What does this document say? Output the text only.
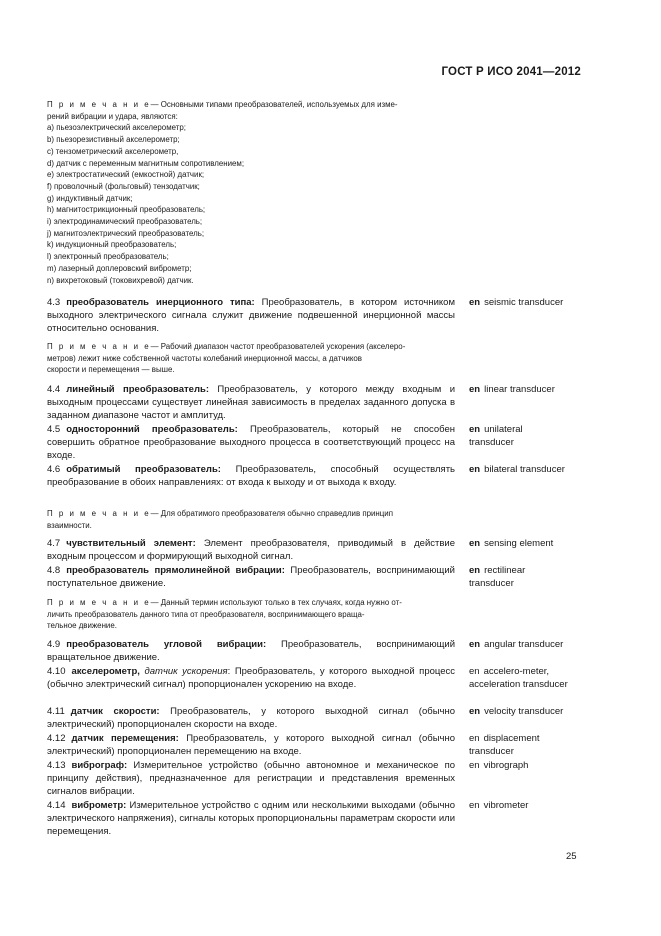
ГОСТ Р ИСО 2041—2012
П р и м е ч а н и е— Основными типами преобразователей, используемых для изме-
рений вибрации и удара, являются:
a) пьезоэлектрический акселерометр;
b) пьезорезистивный акселерометр;
c) тензометрический акселерометр,
d) датчик с переменным магнитным сопротивлением;
e) электростатический (емкостной) датчик;
f) проволочный (фольговый) тензодатчик;
g) индуктивный датчик;
h) магнитострикционный преобразователь;
i) электродинамический преобразователь;
j) магнитоэлектрический преобразователь;
k) индукционный преобразователь;
l) электронный преобразователь;
m) лазерный доплеровский виброметр;
n) вихретоковый (токовихревой) датчик.
4.3 преобразователь инерционного типа: Преобразователь, в котором источником выходного электрического сигнала служит движение подвешенной инерционной массы относительно основания.
en seismic transducer
П р и м е ч а н и е— Рабочий диапазон частот преобразователей ускорения (акселеро-
метров) лежит ниже собственной частоты колебаний инерционной массы, а датчиков
скорости и перемещения — выше.
4.4 линейный преобразователь: Преобразователь, у которого между входным и выходным процессами существует линейная зависимость в пределах заданного допуска в заданном диапазоне частот и амплитуд.
en linear transducer
4.5 односторонний преобразователь: Преобразователь, который не способен совершить обратное преобразование выходного процесса в соответствующий процесс на входе.
en unilateral transducer
4.6 обратимый преобразователь: Преобразователь, способный осуществлять преобразование в обоих направлениях: от входа к выходу и от выхода к входу.
en bilateral transducer
П р и м е ч а н и е— Для обратимого преобразователя обычно справедлив принцип
взаимности.
4.7 чувствительный элемент: Элемент преобразователя, приводимый в действие входным процессом и формирующий выходной сигнал.
en sensing element
4.8 преобразователь прямолинейной вибрации: Преобразователь, воспринимающий поступательное движение.
en rectilinear transducer
П р и м е ч а н и е— Данный термин используют только в тех случаях, когда нужно от-
личить преобразователь данного типа от преобразователя, воспринимающего враща-
тельное движение.
4.9 преобразователь угловой вибрации: Преобразователь, воспринимающий вращательное движение.
en angular transducer
4.10 акселерометр, датчик ускорения: Преобразователь, у которого выходной процесс (обычно электрический сигнал) пропорционален ускорению на входе.
en accelero-meter, acceleration transducer
4.11 датчик скорости: Преобразователь, у которого выходной сигнал (обычно электрический) пропорционален скорости на входе.
en velocity transducer
4.12 датчик перемещения: Преобразователь, у которого выходной сигнал (обычно электрический) пропорционален перемещению на входе.
en displacement transducer
4.13 виброграф: Измерительное устройство (обычно автономное и механическое по принципу действия), предназначенное для регистрации и представления временных сигналов вибрации.
en vibrograph
4.14 виброметр: Измерительное устройство с одним или несколькими выходами (обычно электрического напряжения), сигналы которых пропорциональны параметрам скорости или перемещения.
en vibrometer
25
